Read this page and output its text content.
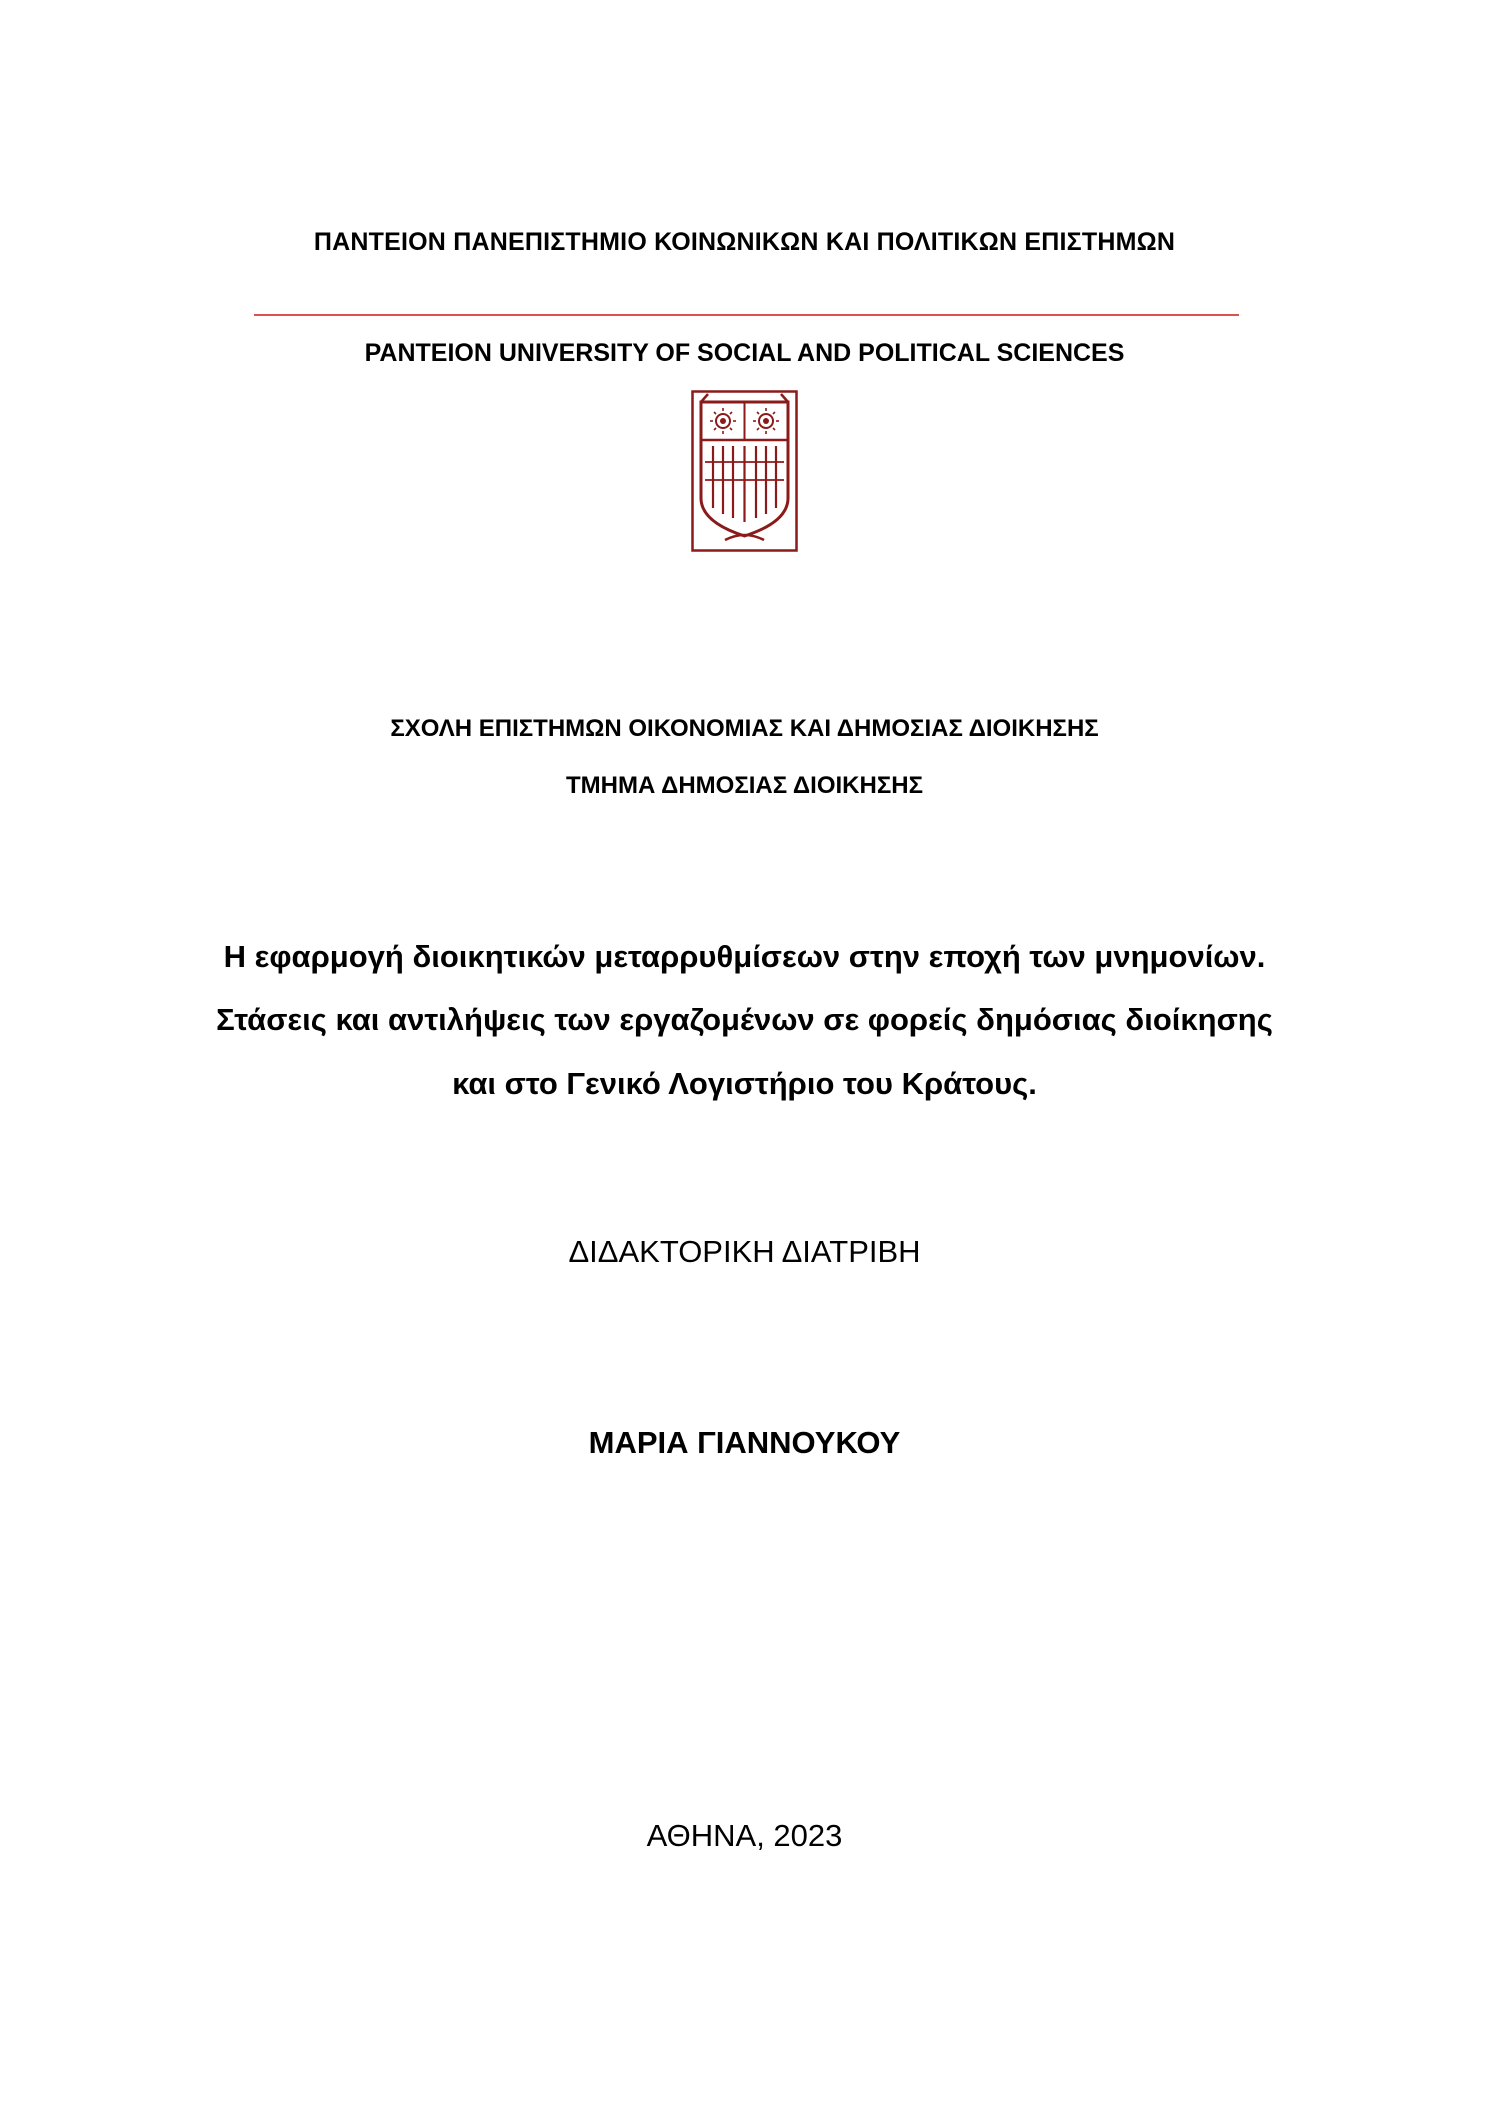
ΠΑΝΤΕΙΟΝ ΠΑΝΕΠΙΣΤΗΜΙΟ ΚΟΙΝΩΝΙΚΩΝ ΚΑΙ ΠΟΛΙΤΙΚΩΝ ΕΠΙΣΤΗΜΩΝ
PANTEION UNIVERSITY OF SOCIAL AND POLITICAL SCIENCES
ΣΧΟΛΗ ΕΠΙΣΤΗΜΩΝ ΟΙΚΟΝΟΜΙΑΣ ΚΑΙ ΔΗΜΟΣΙΑΣ ΔΙΟΙΚΗΣΗΣ
ΤΜΗΜΑ ΔΗΜΟΣΙΑΣ ΔΙΟΙΚΗΣΗΣ
Η εφαρμογή διοικητικών μεταρρυθμίσεων στην εποχή των μνημονίων.
Στάσεις και αντιλήψεις των εργαζομένων σε φορείς δημόσιας διοίκησης
και στο Γενικό Λογιστήριο του Κράτους.
ΔΙΔΑΚΤΟΡΙΚΗ ΔΙΑΤΡΙΒΗ
ΜΑΡΙΑ ΓΙΑΝΝΟΥΚΟΥ
ΑΘΗΝΑ, 2023
